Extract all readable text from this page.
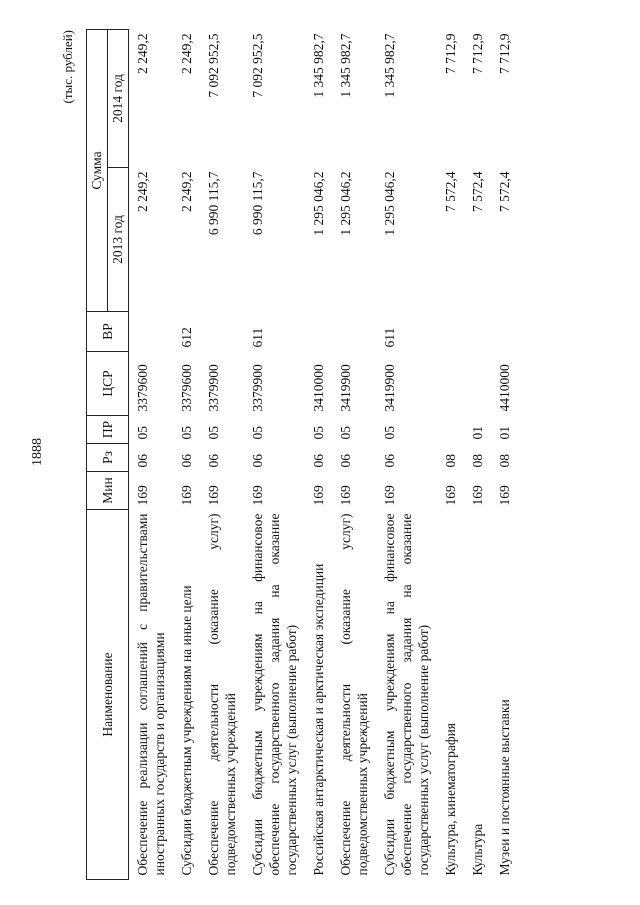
1888
(тыс. рублей)
Наименование	Мин	Рз	ПР	ЦСР	ВР	Сумма	
						2013 год	2014 год
Обеспечение реализации соглашений с правительствами иностранных государств и организациями	169	06	05	3379600		2 249,2	2 249,2
Субсидии бюджетным учреждениям на иные цели	169	06	05	3379600	612	2 249,2	2 249,2
Обеспечение деятельности (оказание услуг) подведомственных учреждений	169	06	05	3379900		6 990 115,7	7 092 952,5
Субсидии бюджетным учреждениям на финансовое обеспечение государственного задания на оказание государственных услуг (выполнение работ)	169	06	05	3379900	611	6 990 115,7	7 092 952,5
Российская антарктическая и арктическая экспедиции	169	06	05	3410000		1 295 046,2	1 345 982,7
Обеспечение деятельности (оказание услуг) подведомственных учреждений	169	06	05	3419900		1 295 046,2	1 345 982,7
Субсидии бюджетным учреждениям на финансовое обеспечение государственного задания на оказание государственных услуг (выполнение работ)	169	06	05	3419900	611	1 295 046,2	1 345 982,7
Культура, кинематография	169	08				7 572,4	7 712,9
Культура	169	08	01			7 572,4	7 712,9
Музеи и постоянные выставки	169	08	01	4410000		7 572,4	7 712,9
